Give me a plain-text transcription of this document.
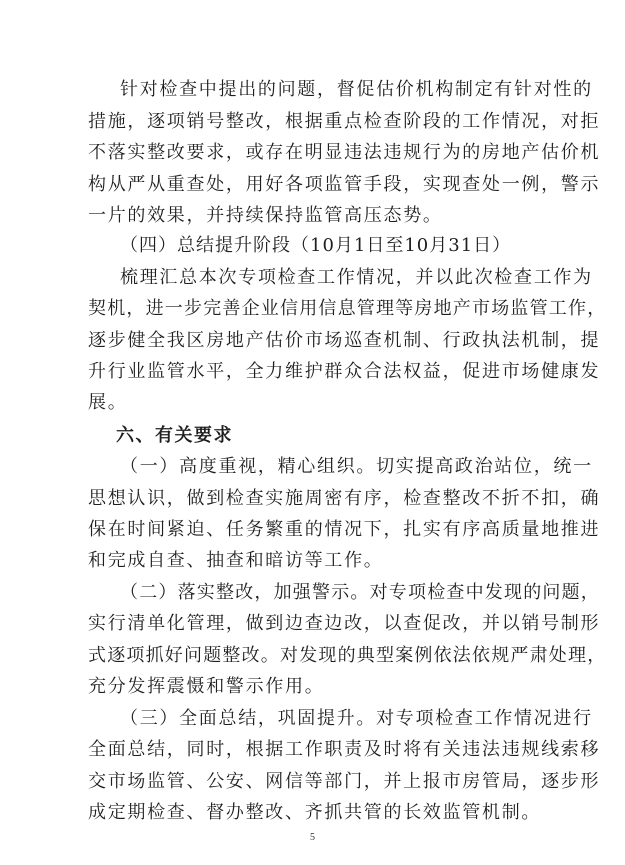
针对检查中提出的问题，督促估价机构制定有针对性的
措施，逐项销号整改，根据重点检查阶段的工作情况，对拒
不落实整改要求，或存在明显违法违规行为的房地产估价机
构从严从重查处，用好各项监管手段，实现查处一例，警示
一片的效果，并持续保持监管高压态势。
（四）总结提升阶段（10月1日至10月31日）
梳理汇总本次专项检查工作情况，并以此次检查工作为
契机，进一步完善企业信用信息管理等房地产市场监管工作，
逐步健全我区房地产估价市场巡查机制、行政执法机制，提
升行业监管水平，全力维护群众合法权益，促进市场健康发
展。
六、有关要求
（一）高度重视，精心组织。切实提高政治站位，统一
思想认识，做到检查实施周密有序，检查整改不折不扣，确
保在时间紧迫、任务繁重的情况下，扎实有序高质量地推进
和完成自查、抽查和暗访等工作。
（二）落实整改，加强警示。对专项检查中发现的问题，
实行清单化管理，做到边查边改，以查促改，并以销号制形
式逐项抓好问题整改。对发现的典型案例依法依规严肃处理，
充分发挥震慑和警示作用。
（三）全面总结，巩固提升。对专项检查工作情况进行
全面总结，同时，根据工作职责及时将有关违法违规线索移
交市场监管、公安、网信等部门，并上报市房管局，逐步形
成定期检查、督办整改、齐抓共管的长效监管机制。
5
